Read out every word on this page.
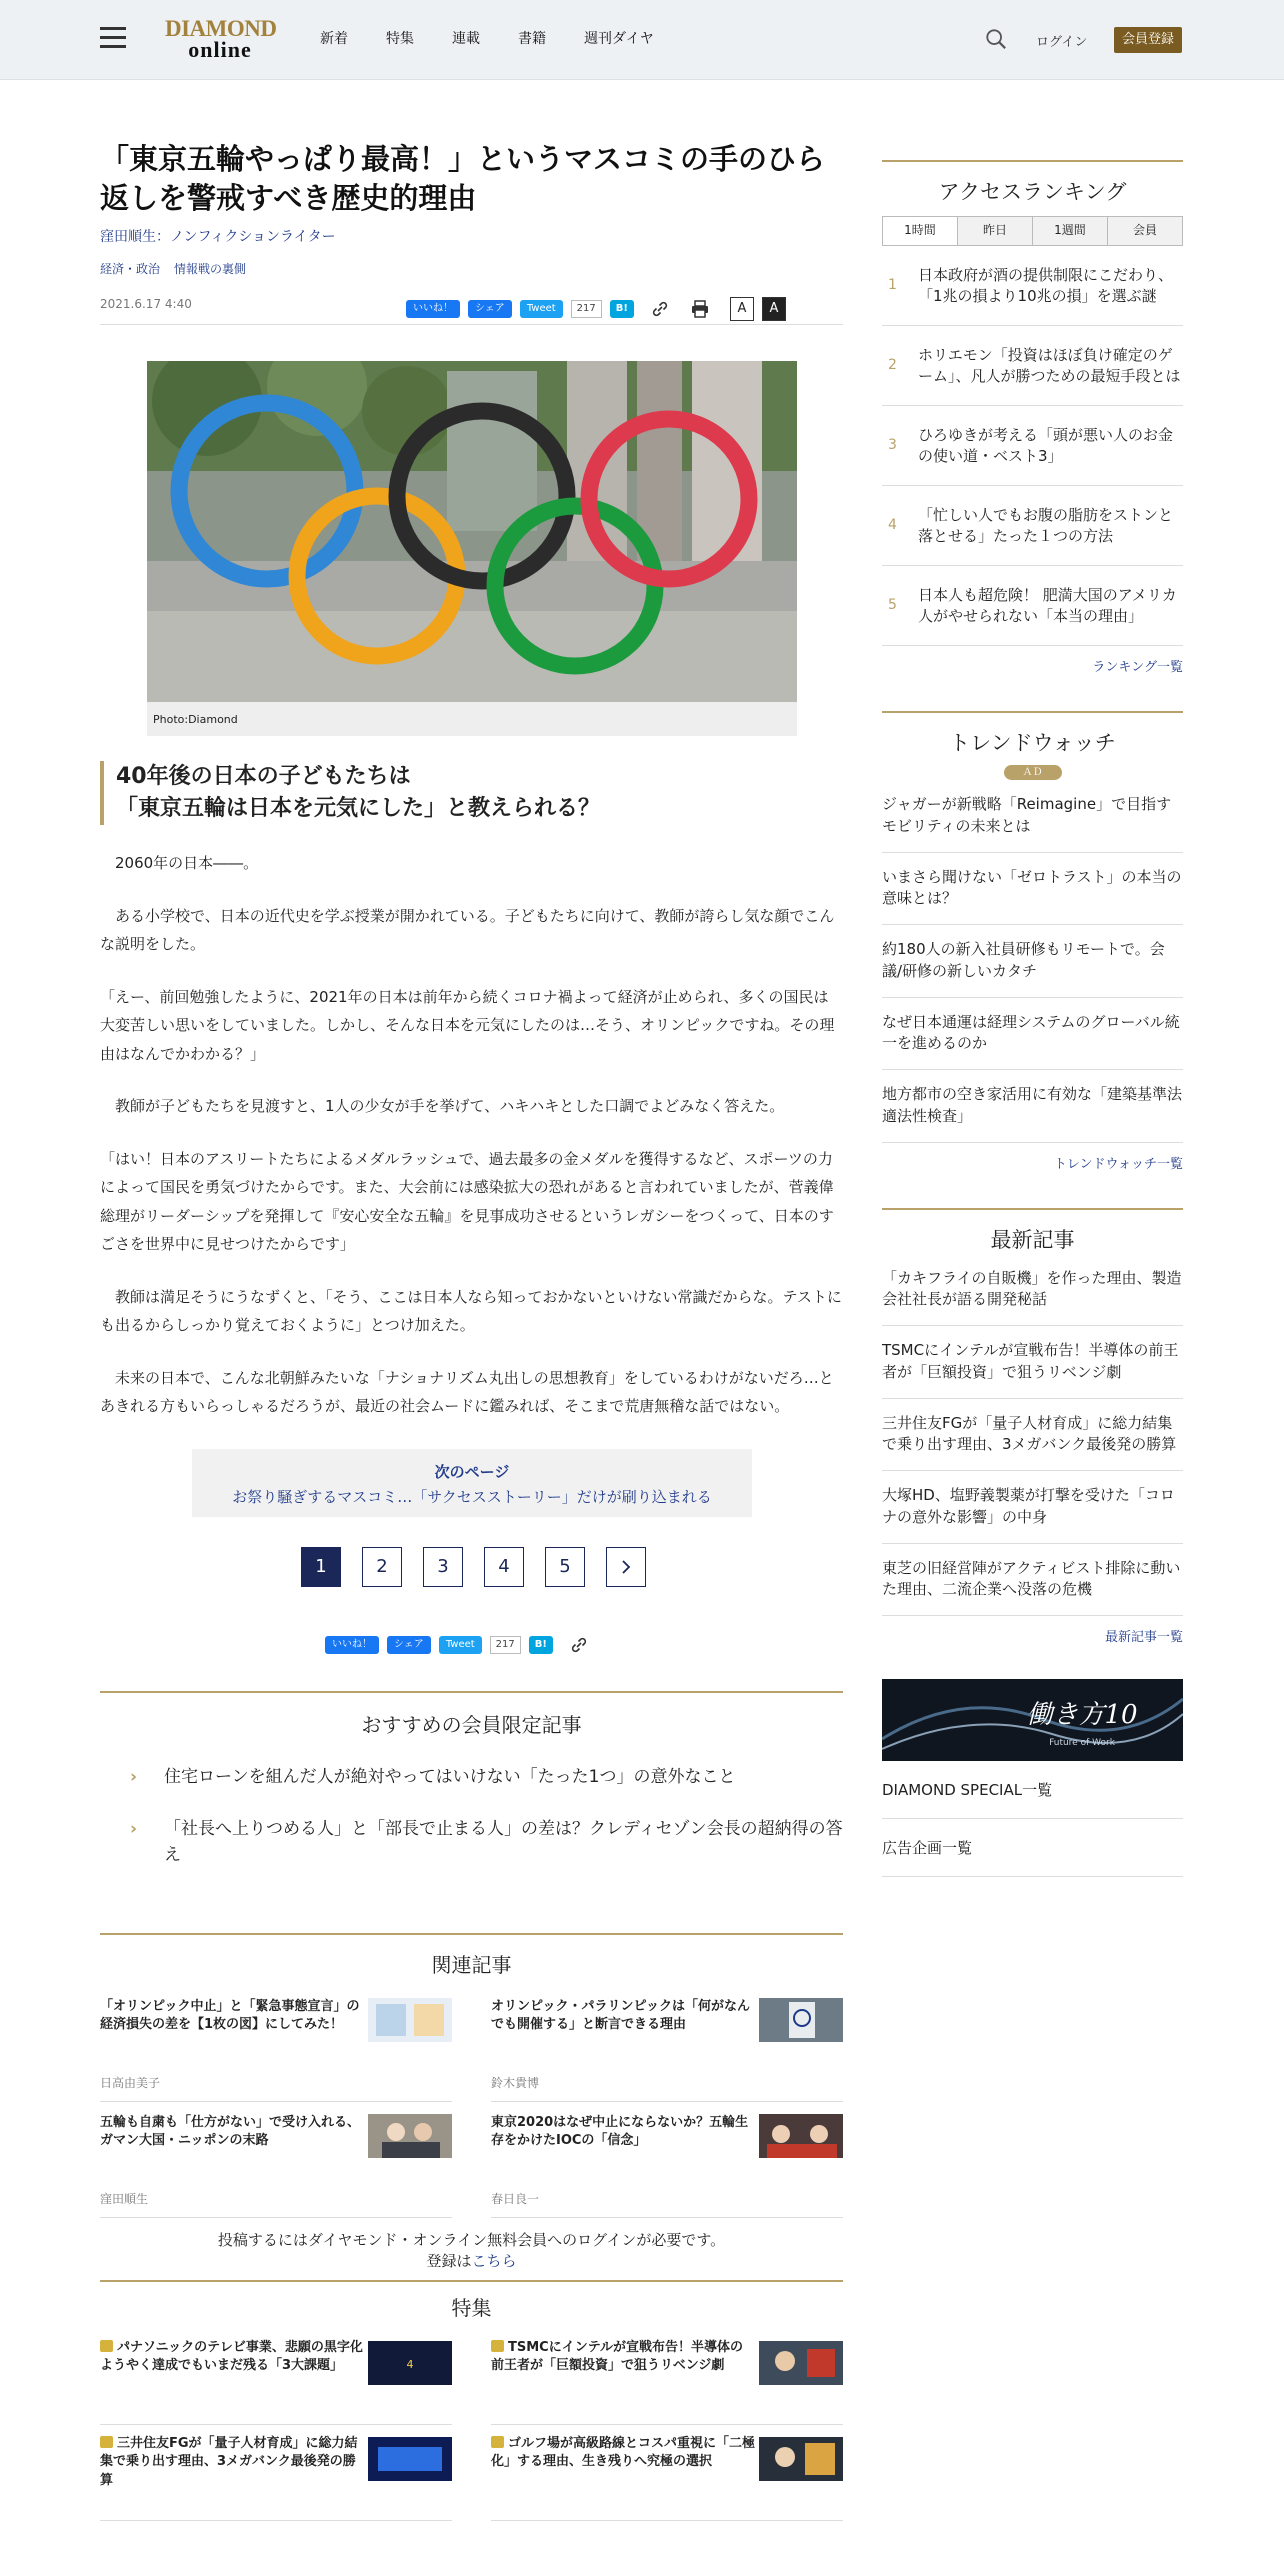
DIAMOND
online	新着	特集	連載	書籍	週刊ダイヤ	ログイン	会員登録
「東京五輪やっぱり最高！」というマスコミの手のひら返しを警戒すべき歴史的理由
窪田順生：ノンフィクションライター
経済・政治 情報戦の裏側
2021.6.17 4:40	いいね！	シェア	Tweet	217	B!	A	A
Photo:Diamond
40年後の日本の子どもたちは
「東京五輪は日本を元気にした」と教えられる？

　2060年の日本――。

　ある小学校で、日本の近代史を学ぶ授業が開かれている。子どもたちに向けて、教師が誇らし気な顔でこんな説明をした。

「えー、前回勉強したように、2021年の日本は前年から続くコロナ禍よって経済が止められ、多くの国民は大変苦しい思いをしていました。しかし、そんな日本を元気にしたのは…そう、オリンピックですね。その理由はなんでかわかる？」

　教師が子どもたちを見渡すと、1人の少女が手を挙げて、ハキハキとした口調でよどみなく答えた。

「はい！日本のアスリートたちによるメダルラッシュで、過去最多の金メダルを獲得するなど、スポーツの力によって国民を勇気づけたからです。また、大会前には感染拡大の恐れがあると言われていましたが、菅義偉総理がリーダーシップを発揮して『安心安全な五輪』を見事成功させるというレガシーをつくって、日本のすごさを世界中に見せつけたからです」

　教師は満足そうにうなずくと、「そう、ここは日本人なら知っておかないといけない常識だからな。テストにも出るからしっかり覚えておくように」とつけ加えた。

　未来の日本で、こんな北朝鮮みたいな「ナショナリズム丸出しの思想教育」をしているわけがないだろ…とあきれる方もいらっしゃるだろうが、最近の社会ムードに鑑みれば、そこまで荒唐無稽な話ではない。

次のページ
お祭り騒ぎするマスコミ…「サクセスストーリー」だけが刷り込まれる
1	2	3	4	5
いいね！	シェア	Tweet	217	B!
おすすめの会員限定記事
› 住宅ローンを組んだ人が絶対やってはいけない「たった1つ」の意外なこと
› 「社長へ上りつめる人」と「部長で止まる人」の差は？クレディセゾン会長の超納得の答え
関連記事
「オリンピック中止」と「緊急事態宣言」の経済損失の差を【1枚の図】にしてみた！
日高由美子
オリンピック・パラリンピックは「何がなんでも開催する」と断言できる理由
鈴木貴博
五輪も自粛も「仕方がない」で受け入れる、ガマン大国・ニッポンの末路
窪田順生
東京2020はなぜ中止にならないか？五輪生存をかけたIOCの「信念」
春日良一
投稿するにはダイヤモンド・オンライン無料会員へのログインが必要です。
登録はこちら
特集
パナソニックのテレビ事業、悲願の黒字化ようやく達成でもいまだ残る「3大課題」	4
TSMCにインテルが宣戦布告！半導体の前王者が「巨額投資」で狙うリベンジ劇
三井住友FGが「量子人材育成」に総力結集で乗り出す理由、3メガバンク最後発の勝算
ゴルフ場が高級路線とコスパ重視に「二極化」する理由、生き残りへ究極の選択
アクセスランキング
1時間	昨日	1週間	会員
1
日本政府が酒の提供制限にこだわり、「1兆の損より10兆の損」を選ぶ謎
2
ホリエモン「投資はほぼ負け確定のゲーム」、凡人が勝つための最短手段とは
3
ひろゆきが考える「頭が悪い人のお金の使い道・ベスト3」
4
「忙しい人でもお腹の脂肪をストンと落とせる」たった１つの方法
5
日本人も超危険！ 肥満大国のアメリカ人がやせられない「本当の理由」
ランキング一覧
トレンドウォッチ
ＡＤ
ジャガーが新戦略「Reimagine」で目指すモビリティの未来とは
いまさら聞けない「ゼロトラスト」の本当の意味とは？
約180人の新入社員研修もリモートで。会議/研修の新しいカタチ
なぜ日本通運は経理システムのグローバル統一を進めるのか
地方都市の空き家活用に有効な「建築基準法適法性検査」
トレンドウォッチ一覧
最新記事
「カキフライの自販機」を作った理由、製造会社社長が語る開発秘話
TSMCにインテルが宣戦布告！半導体の前王者が「巨額投資」で狙うリベンジ劇
三井住友FGが「量子人材育成」に総力結集で乗り出す理由、3メガバンク最後発の勝算
大塚HD、塩野義製薬が打撃を受けた「コロナの意外な影響」の中身
東芝の旧経営陣がアクティビスト排除に動いた理由、二流企業へ没落の危機
最新記事一覧
働き方10
Future of Work
DIAMOND SPECIAL一覧
広告企画一覧
